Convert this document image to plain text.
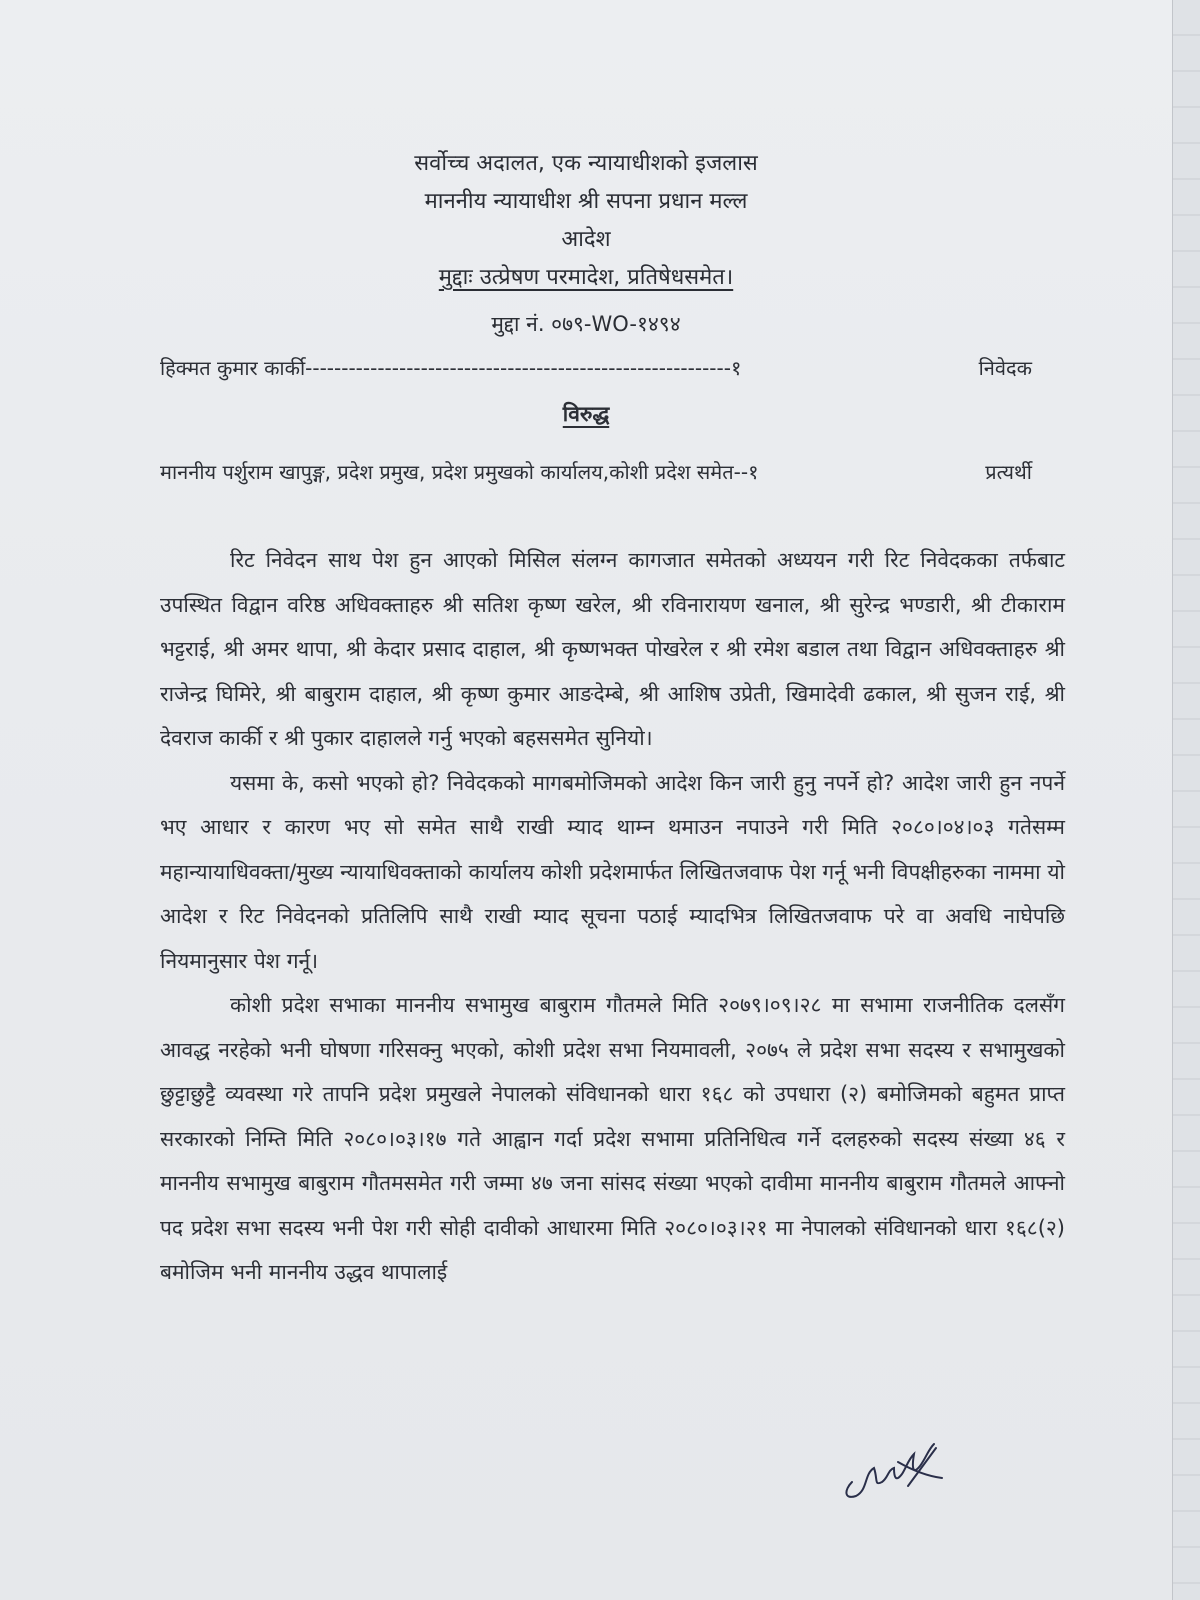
सर्वोच्च अदालत, एक न्यायाधीशको इजलास
माननीय न्यायाधीश श्री सपना प्रधान मल्ल
आदेश
मुद्दाः उत्प्रेषण परमादेश, प्रतिषेधसमेत।
मुद्दा नं. ०७९-WO-१४९४
हिक्मत कुमार कार्की-----------------------------------------------------------१	निवेदक
विरुद्ध
माननीय पर्शुराम खापुङ्ग, प्रदेश प्रमुख, प्रदेश प्रमुखको कार्यालय,कोशी प्रदेश समेत--१	प्रत्यर्थी

रिट निवेदन साथ पेश हुन आएको मिसिल संलग्न कागजात समेतको अध्ययन गरी रिट निवेदकका तर्फबाट उपस्थित विद्वान वरिष्ठ अधिवक्ताहरु श्री सतिश कृष्ण खरेल, श्री रविनारायण खनाल, श्री सुरेन्द्र भण्डारी, श्री टीकाराम भट्टराई, श्री अमर थापा, श्री केदार प्रसाद दाहाल, श्री कृष्णभक्त पोखरेल र श्री रमेश बडाल तथा विद्वान अधिवक्ताहरु श्री राजेन्द्र घिमिरे, श्री बाबुराम दाहाल, श्री कृष्ण कुमार आङदेम्बे, श्री आशिष उप्रेती, खिमादेवी ढकाल, श्री सुजन राई, श्री देवराज कार्की र श्री पुकार दाहालले गर्नु भएको बहससमेत सुनियो।

यसमा के, कसो भएको हो? निवेदकको मागबमोजिमको आदेश किन जारी हुनु नपर्ने हो? आदेश जारी हुन नपर्ने भए आधार र कारण भए सो समेत साथै राखी म्याद थाम्न थमाउन नपाउने गरी मिति २०८०।०४।०३ गतेसम्म महान्यायाधिवक्ता/मुख्य न्यायाधिवक्ताको कार्यालय कोशी प्रदेशमार्फत लिखितजवाफ पेश गर्नू भनी विपक्षीहरुका नाममा यो आदेश र रिट निवेदनको प्रतिलिपि साथै राखी म्याद सूचना पठाई म्यादभित्र लिखितजवाफ परे वा अवधि नाघेपछि नियमानुसार पेश गर्नू।

कोशी प्रदेश सभाका माननीय सभामुख बाबुराम गौतमले मिति २०७९।०९।२८ मा सभामा राजनीतिक दलसँग आवद्ध नरहेको भनी घोषणा गरिसक्नु भएको, कोशी प्रदेश सभा नियमावली, २०७५ ले प्रदेश सभा सदस्य र सभामुखको छुट्टाछुट्टै व्यवस्था गरे तापनि प्रदेश प्रमुखले नेपालको संविधानको धारा १६८ को उपधारा (२) बमोजिमको बहुमत प्राप्त सरकारको निम्ति मिति २०८०।०३।१७ गते आह्वान गर्दा प्रदेश सभामा प्रतिनिधित्व गर्ने दलहरुको सदस्य संख्या ४६ र माननीय सभामुख बाबुराम गौतमसमेत गरी जम्मा ४७ जना सांसद संख्या भएको दावीमा माननीय बाबुराम गौतमले आफ्नो पद प्रदेश सभा सदस्य भनी पेश गरी सोही दावीको आधारमा मिति २०८०।०३।२१ मा नेपालको संविधानको धारा १६८(२) बमोजिम भनी माननीय उद्धव थापालाई
